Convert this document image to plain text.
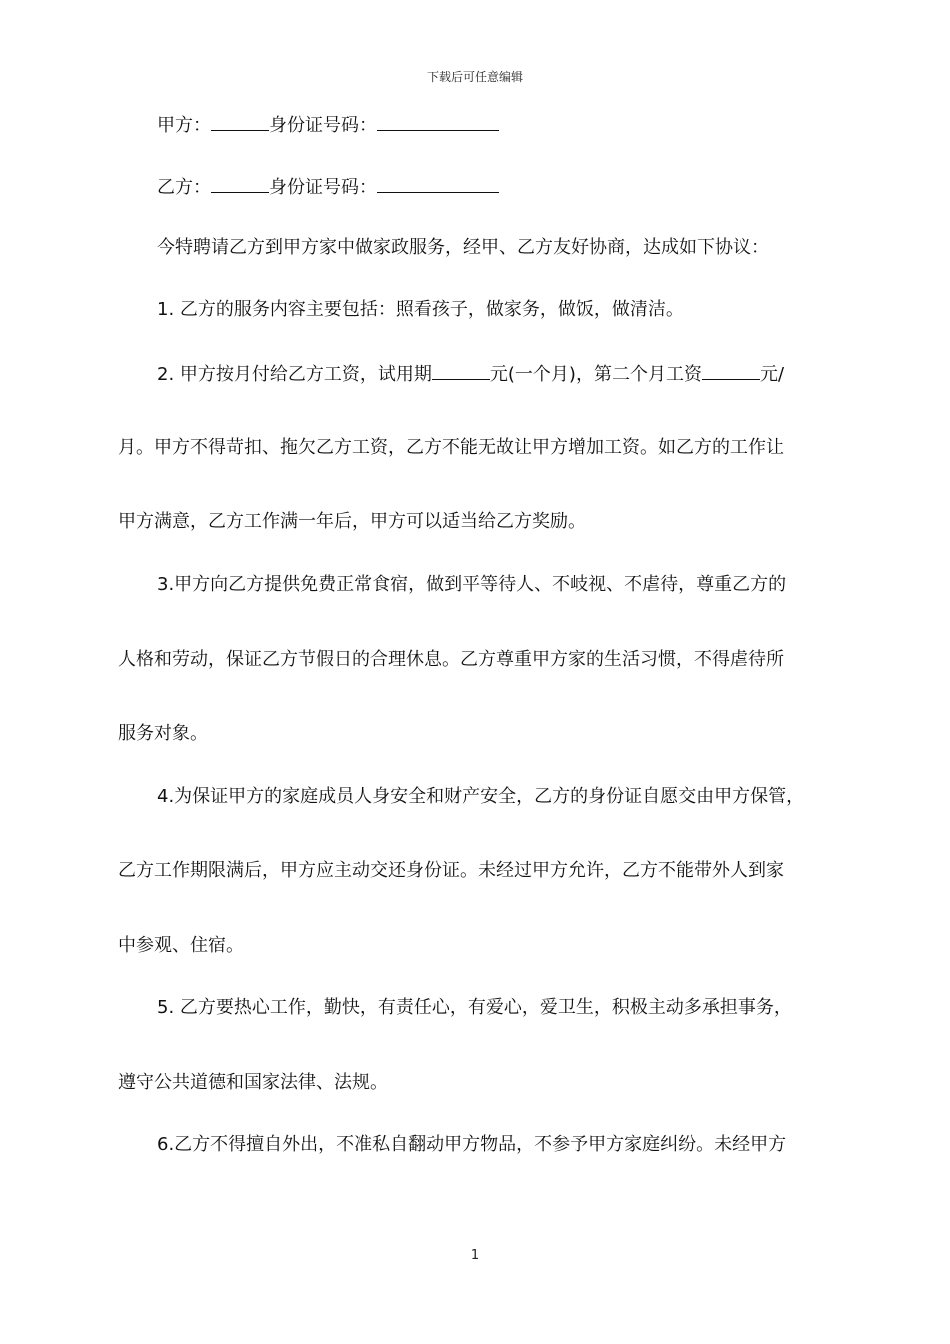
下载后可任意编辑
甲方：	身份证号码：
乙方：	身份证号码：
今特聘请乙方到甲方家中做家政服务，经甲、乙方友好协商，达成如下协议：
1. 乙方的服务内容主要包括：照看孩子，做家务，做饭，做清洁。
2. 甲方按月付给乙方工资，试用期	元(一个月)，第二个月工资	元/
月。甲方不得苛扣、拖欠乙方工资，乙方不能无故让甲方增加工资。如乙方的工作让
甲方满意，乙方工作满一年后，甲方可以适当给乙方奖励。
3.甲方向乙方提供免费正常食宿，做到平等待人、不岐视、不虐待，尊重乙方的
人格和劳动，保证乙方节假日的合理休息。乙方尊重甲方家的生活习惯，不得虐待所
服务对象。
4.为保证甲方的家庭成员人身安全和财产安全，乙方的身份证自愿交由甲方保管，
乙方工作期限满后，甲方应主动交还身份证。未经过甲方允许，乙方不能带外人到家
中参观、住宿。
5. 乙方要热心工作，勤快，有责任心，有爱心，爱卫生，积极主动多承担事务，
遵守公共道德和国家法律、法规。
6.乙方不得擅自外出，不准私自翻动甲方物品，不参予甲方家庭纠纷。未经甲方
1
